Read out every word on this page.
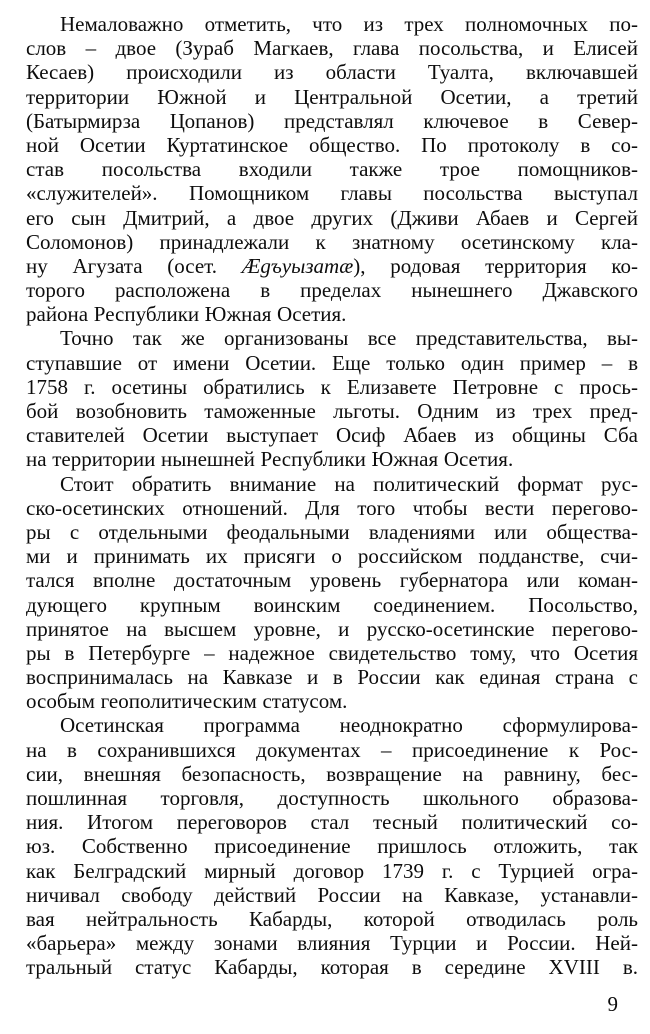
Немаловажно отметить, что из трех полномочных по-
слов – двое (Зураб Магкаев, глава посольства, и Елисей
Кесаев) происходили из области Туалта, включавшей
территории Южной и Центральной Осетии, а третий
(Батырмирза Цопанов) представлял ключевое в Север-
ной Осетии Куртатинское общество. По протоколу в со-
став посольства входили также трое помощников-
«служителей». Помощником главы посольства выступал
его сын Дмитрий, а двое других (Дживи Абаев и Сергей
Соломонов) принадлежали к знатному осетинскому кла-
ну Агузата (осет. Ægъуызатæ), родовая территория ко-
торого расположена в пределах нынешнего Джавского
района Республики Южная Осетия.
Точно так же организованы все представительства, вы-
ступавшие от имени Осетии. Еще только один пример – в
1758 г. осетины обратились к Елизавете Петровне с прось-
бой возобновить таможенные льготы. Одним из трех пред-
ставителей Осетии выступает Осиф Абаев из общины Сба
на территории нынешней Республики Южная Осетия.
Стоит обратить внимание на политический формат рус-
ско-осетинских отношений. Для того чтобы вести перегово-
ры с отдельными феодальными владениями или общества-
ми и принимать их присяги о российском подданстве, счи-
тался вполне достаточным уровень губернатора или коман-
дующего крупным воинским соединением. Посольство,
принятое на высшем уровне, и русско-осетинские перегово-
ры в Петербурге – надежное свидетельство тому, что Осетия
воспринималась на Кавказе и в России как единая страна с
особым геополитическим статусом.
Осетинская программа неоднократно сформулирова-
на в сохранившихся документах – присоединение к Рос-
сии, внешняя безопасность, возвращение на равнину, бес-
пошлинная торговля, доступность школьного образова-
ния. Итогом переговоров стал тесный политический со-
юз. Собственно присоединение пришлось отложить, так
как Белградский мирный договор 1739 г. с Турцией огра-
ничивал свободу действий России на Кавказе, устанавли-
вая нейтральность Кабарды, которой отводилась роль
«барьера» между зонами влияния Турции и России. Ней-
тральный статус Кабарды, которая в середине XVIII в.
9
